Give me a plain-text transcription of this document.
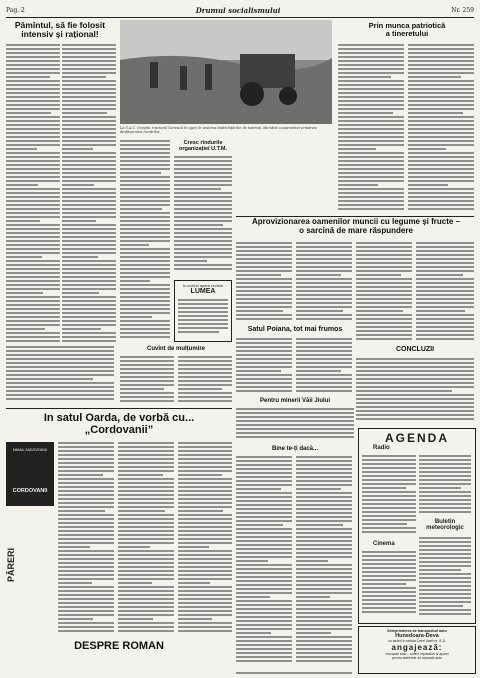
Pag. 2	Drumul socialismului	Nr. 259
Pămîntul, să fie folosit
intensiv și rațional!
La G.A.C. Oravița, tractorul lucrează în ogor, în vederea însămînțărilor de toamnă. Membrii cooperativei urmăresc desfășurarea lucrărilor.
Prin munca patriotică
a tineretului
Cresc rîndurile
organizației U.T.M.
In curînd apare revista
LUMEA
Aprovizionarea oamenilor muncii cu legume și fructe –
o sarcină de mare răspundere
Satul Poiana, tot mai frumos
CONCLUZII
Cuvînt de mulțumire
Pentru minerii Văii Jiului
Bine te-ți dacă...
In satul Oarda, de vorbă cu...
„Cordovanii”
MIHAIL SADOVEANU
CORDOVANII
PĂRERI
DESPRE ROMAN
AGENDA
Radio
Cinema
Buletin
meteorologic
Întreprinderea de transporturi auto
Hunedoara-Deva
cu sediul în strada Ceeri Vasili nr. 8-11
angajează:
mecanici auto – șoferi, reparatori și ajutori
pentru atelierele de reparații auto
